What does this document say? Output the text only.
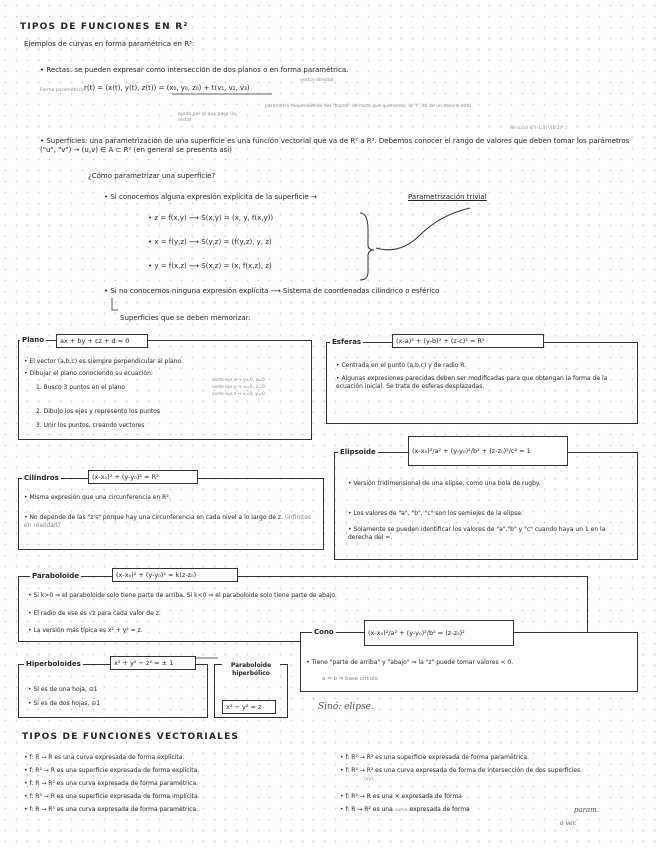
TIPOS DE FUNCIONES EN R²
Ejemplos de curvas en forma paramétrica en R³:
• Rectas: se pueden expresar como intersección de dos planos o en forma paramétrica.
Forma paramétrica r(t) = (x(t), y(t), z(t)) = (x₀, y₀, z₀) + t(v₁, v₂, v₃)
vector director
punto por el que pasa (la recta)
parámetro (dependiendo del "tramo" de recta que queramos, la "t" irá de un valor a otro)
de (u,v) ∈ (-1,1)²/(1,1)²...
• Superficies: una parametrización de una superficie es una función vectorial que va de R² a R³. Debemos conocer el rango de valores que deben tomar los parámetros ("u", "v") → (u,v) ∈ A ⊂ R² (en general se presenta así)
¿Cómo parametrizar una superficie?
• Si conocemos alguna expresión explícita de la superficie →	Parametrización trivial
• z = f(x,y) ⟶ S(x,y) = (x, y, f(x,y))
• x = f(y,z) ⟶ S(y,z) = (f(y,z), y, z)
• y = f(x,z) ⟶ S(x,z) = (x, f(x,z), z)
• Si no conocemos ninguna expresión explícita ⟶ Sistema de coordenadas cilíndrico o esférico
Superficies que se deben memorizar:
Plano	ax + by + cz + d = 0
• El vector (a,b,c) es siempre perpendicular al plano.
• Dibujar el plano conociendo su ecuación:
1. Busco 3 puntos en el plano
corte eje x → y=0, z=0
corte eje y → x=0, z=0
corte eje z → x=0, y=0
2. Dibujo los ejes y represento los puntos
3. Unir los puntos, creando vectores
Esferas	(x-a)² + (y-b)² + (z-c)² = R²
• Centrada en el punto (a,b,c) y de radio R.
• Algunas expresiones parecidas deben ser modificadas para que obtengan la forma de la ecuación inicial. Se trata de esferas desplazadas.
Cilindros	(x-x₀)² + (y-y₀)² = R²
• Misma expresión que una circunferencia en R².
• No depende de las "z's" porque hay una circunferencia en cada nivel a lo largo de z. (infinitas en realidad)
Elipsoide	(x-x₀)²/a² + (y-y₀)²/b² + (z-z₀)²/c² = 1
• Versión tridimensional de una elipse, como una bola de rugby.
• Los valores de "a", "b", "c" son los semiejes de la elipse.
• Solamente se pueden identificar los valores de "a","b" y "c" cuando haya un 1 en la derecha del =.
Paraboloide	(x-x₀)² + (y-y₀)² = k(z-z₀)
• Si k>0 ⇒ el paraboloide solo tiene parte de arriba. Si k<0 ⇒ el paraboloide solo tiene parte de abajo.
• El radio de ese es √z para cada valor de z.
• La versión más típica es x² + y² = z.	Cono	(x-x₀)²/a² + (y-y₀)²/b² = (z-z₀)²
• Tiene "parte de arriba" y "abajo" ⇒ la "z" puede tomar valores < 0.
a = b ⇒ base círculo
Sinó: elipse.
Hiperboloides	x² + y² − z² = ± 1
• Si es de una hoja, ⊝1
• Si es de dos hojas, ⊝1
Paraboloide hiperbólico
x² − y² = z
TIPOS DE FUNCIONES VECTORIALES
• f: R → R es una curva expresada de forma explícita.
• f: R² → R es una superficie expresada de forma explícita.
• f: R → R² es una curva expresada de forma paramétrica.
• f: R³ → R es una superficie expresada de forma implícita.
• f: R → R³ es una curva expresada de forma paramétrica.
• f: R² → R³ es una superficie expresada de forma paramétrica.
• f: R² → R² es una curva expresada de forma de intersección de dos superficies.
(xy)
• f: R² → R es una ✕ expresada de forma
• f: R → R² es una curva expresada de forma	param.
o ver.
